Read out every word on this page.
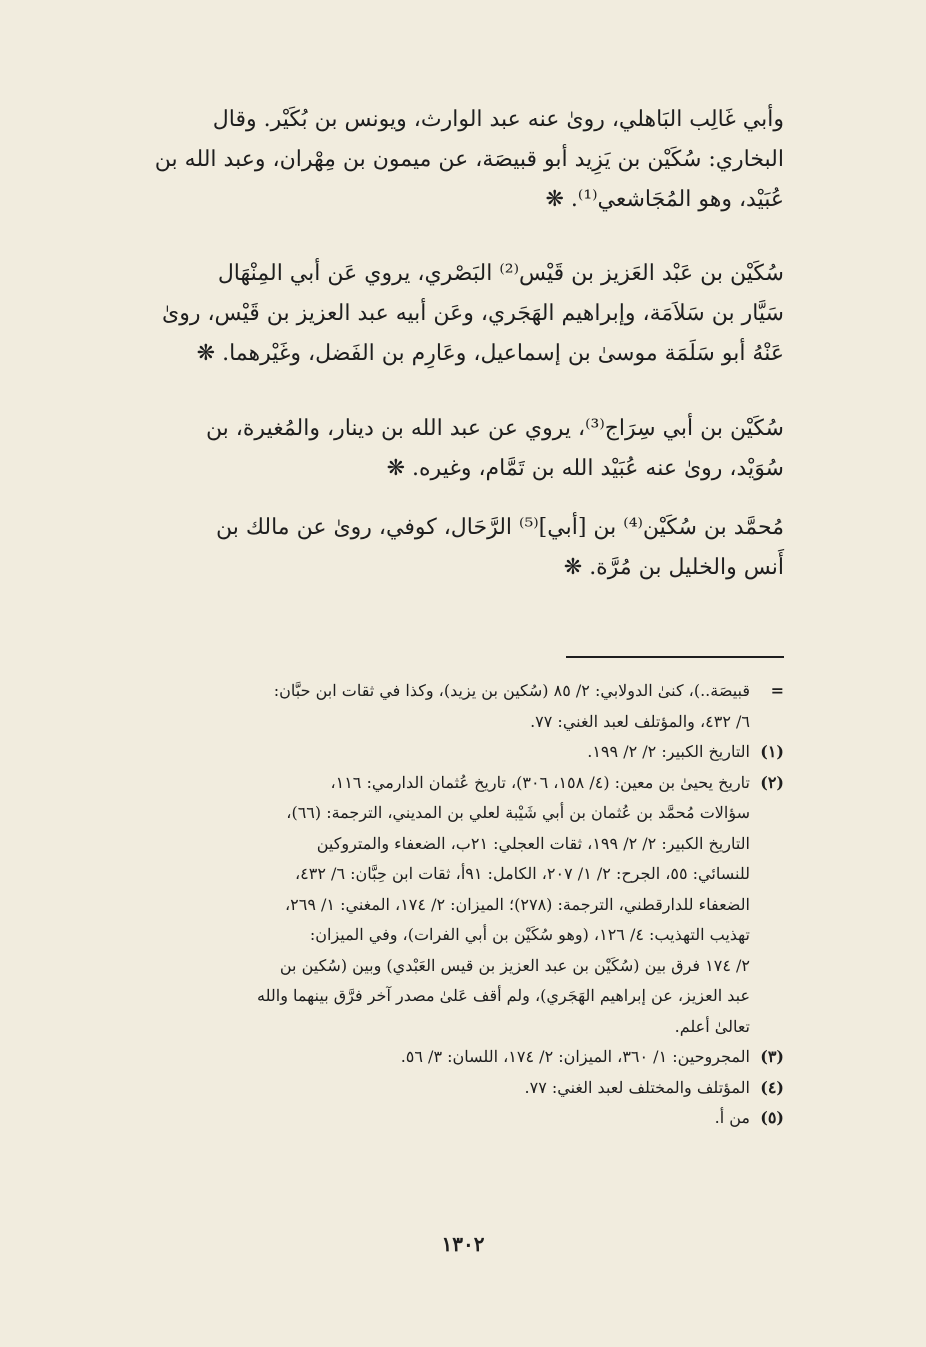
وأبي غَالِب البَاهلي، روىٰ عنه عبد الوارث، ويونس بن بُكَيْر. وقال

البخاري: سُكَيْن بن يَزِيد أبو قبيصَة، عن ميمون بن مِهْران، وعبد الله بن

عُبَيْد، وهو المُجَاشعي⁽¹⁾. ❋

سُكَيْن بن عَبْد العَزيز بن قَيْس⁽²⁾ البَصْري، يروي عَن أبي المِنْهَال

سَيَّار بن سَلاَمَة، وإبراهيم الهَجَري، وعَن أبيه عبد العزيز بن قَيْس، روىٰ

عَنْهُ أبو سَلَمَة موسىٰ بن إسماعيل، وعَارِم بن الفَضل، وغَيْرهما. ❋

سُكَيْن بن أبي سِرَاج⁽³⁾، يروي عن عبد الله بن دينار، والمُغيرة، بن

سُوَيْد، روىٰ عنه عُبَيْد الله بن تَمَّام، وغيره. ❋

مُحمَّد بن سُكَيْن⁽⁴⁾ بن [أبي]⁽⁵⁾ الرَّحَال، كوفي، روىٰ عن مالك بن

أَنس والخليل بن مُرَّة. ❋

=
قبيصَة..)، كنىٰ الدولابي: ٢/ ٨٥ (سُكين بن يزيد)، وكذا في ثقات ابن حبَّان:
٦/ ٤٣٢، والمؤتلف لعبد الغني: ٧٧.
(١)
التاريخ الكبير: ٢/ ٢/ ١٩٩.
(٢)
تاريخ يحيىٰ بن معين: (٤/ ١٥٨، ٣٠٦)، تاريخ عُثمان الدارمي: ١١٦،
سؤالات مُحمَّد بن عُثمان بن أبي شَيْبة لعلي بن المديني، الترجمة: (٦٦)،
التاريخ الكبير: ٢/ ٢/ ١٩٩، ثقات العجلي: ٢١ب، الضعفاء والمتروكين
للنسائي: ٥٥، الجرح: ٢/ ١/ ٢٠٧، الكامل: ٩١أ، ثقات ابن حِبَّان: ٦/ ٤٣٢،
الضعفاء للدارقطني، الترجمة: (٢٧٨)؛ الميزان: ٢/ ١٧٤، المغني: ١/ ٢٦٩،
تهذيب التهذيب: ٤/ ١٢٦، (وهو سُكَيْن بن أبي الفرات)، وفي الميزان:
٢/ ١٧٤ فرق بين (سُكَيْن بن عبد العزيز بن قيس العَبْدي) وبين (سُكين بن
عبد العزيز، عن إبراهيم الهَجَري)، ولم أقف عَلىٰ مصدر آخر فرَّق بينهما والله
تعالىٰ أعلم.
(٣)
المجروحين: ١/ ٣٦٠، الميزان: ٢/ ١٧٤، اللسان: ٣/ ٥٦.
(٤)
المؤتلف والمختلف لعبد الغني: ٧٧.
(٥)
من أ.
١٣٠٢
